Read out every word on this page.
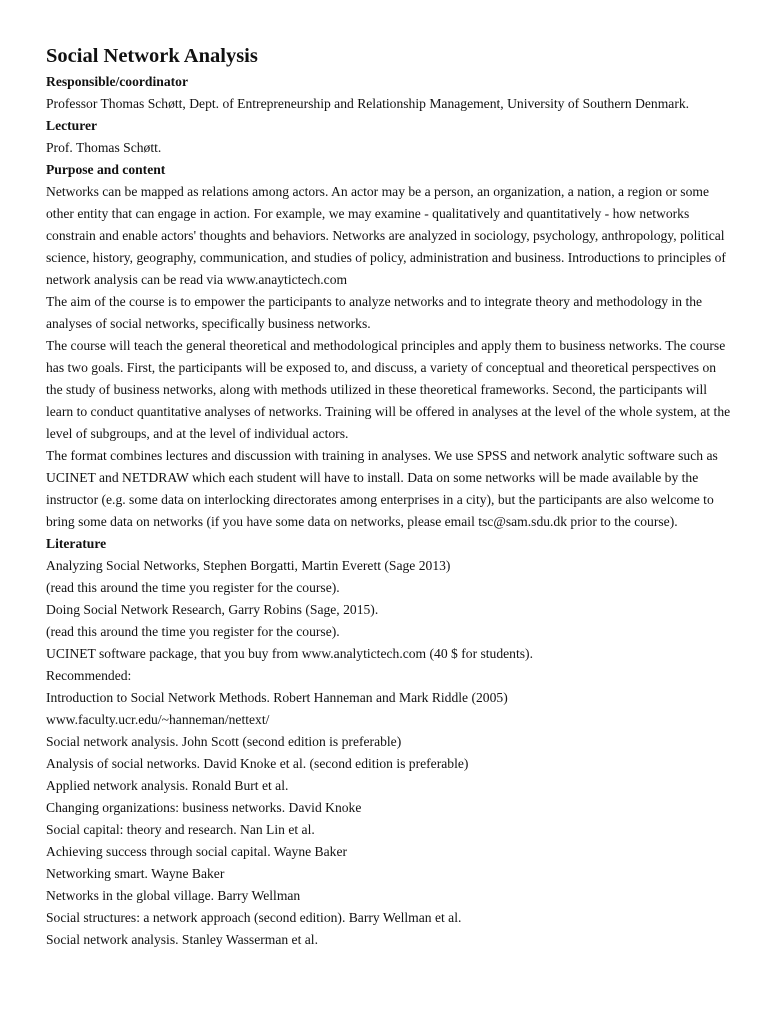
Social Network Analysis
Responsible/coordinator
Professor Thomas Schøtt, Dept. of Entrepreneurship and Relationship Management, University of Southern Denmark.
Lecturer
Prof. Thomas Schøtt.
Purpose and content

Networks can be mapped as relations among actors. An actor may be a person, an organization, a nation, a region or some other entity that can engage in action. For example, we may examine - qualitatively and quantitatively - how networks constrain and enable actors' thoughts and behaviors. Networks are analyzed in sociology, psychology, anthropology, political science, history, geography, communication, and studies of policy, administration and business. Introductions to principles of network analysis can be read via www.anaytictech.com

The aim of the course is to empower the participants to analyze networks and to integrate theory and methodology in the analyses of social networks, specifically business networks.

The course will teach the general theoretical and methodological principles and apply them to business networks. The course has two goals. First, the participants will be exposed to, and discuss, a variety of conceptual and theoretical perspectives on the study of business networks, along with methods utilized in these theoretical frameworks. Second, the participants will learn to conduct quantitative analyses of networks. Training will be offered in analyses at the level of the whole system, at the level of subgroups, and at the level of individual actors.

The format combines lectures and discussion with training in analyses. We use SPSS and network analytic software such as UCINET and NETDRAW which each student will have to install. Data on some networks will be made available by the instructor (e.g. some data on interlocking directorates among enterprises in a city), but the participants are also welcome to bring some data on networks (if you have some data on networks, please email tsc@sam.sdu.dk prior to the course).

Literature
Analyzing Social Networks, Stephen Borgatti, Martin Everett (Sage 2013)
(read this around the time you register for the course).
Doing Social Network Research, Garry Robins (Sage, 2015).
(read this around the time you register for the course).
UCINET software package, that you buy from www.analytictech.com (40 $ for students).
Recommended:
Introduction to Social Network Methods. Robert Hanneman and Mark Riddle (2005)
www.faculty.ucr.edu/~hanneman/nettext/
Social network analysis. John Scott (second edition is preferable)
Analysis of social networks. David Knoke et al. (second edition is preferable)
Applied network analysis. Ronald Burt et al.
Changing organizations: business networks. David Knoke
Social capital: theory and research. Nan Lin et al.
Achieving success through social capital. Wayne Baker
Networking smart. Wayne Baker
Networks in the global village. Barry Wellman
Social structures: a network approach (second edition). Barry Wellman et al.
Social network analysis. Stanley Wasserman et al.
